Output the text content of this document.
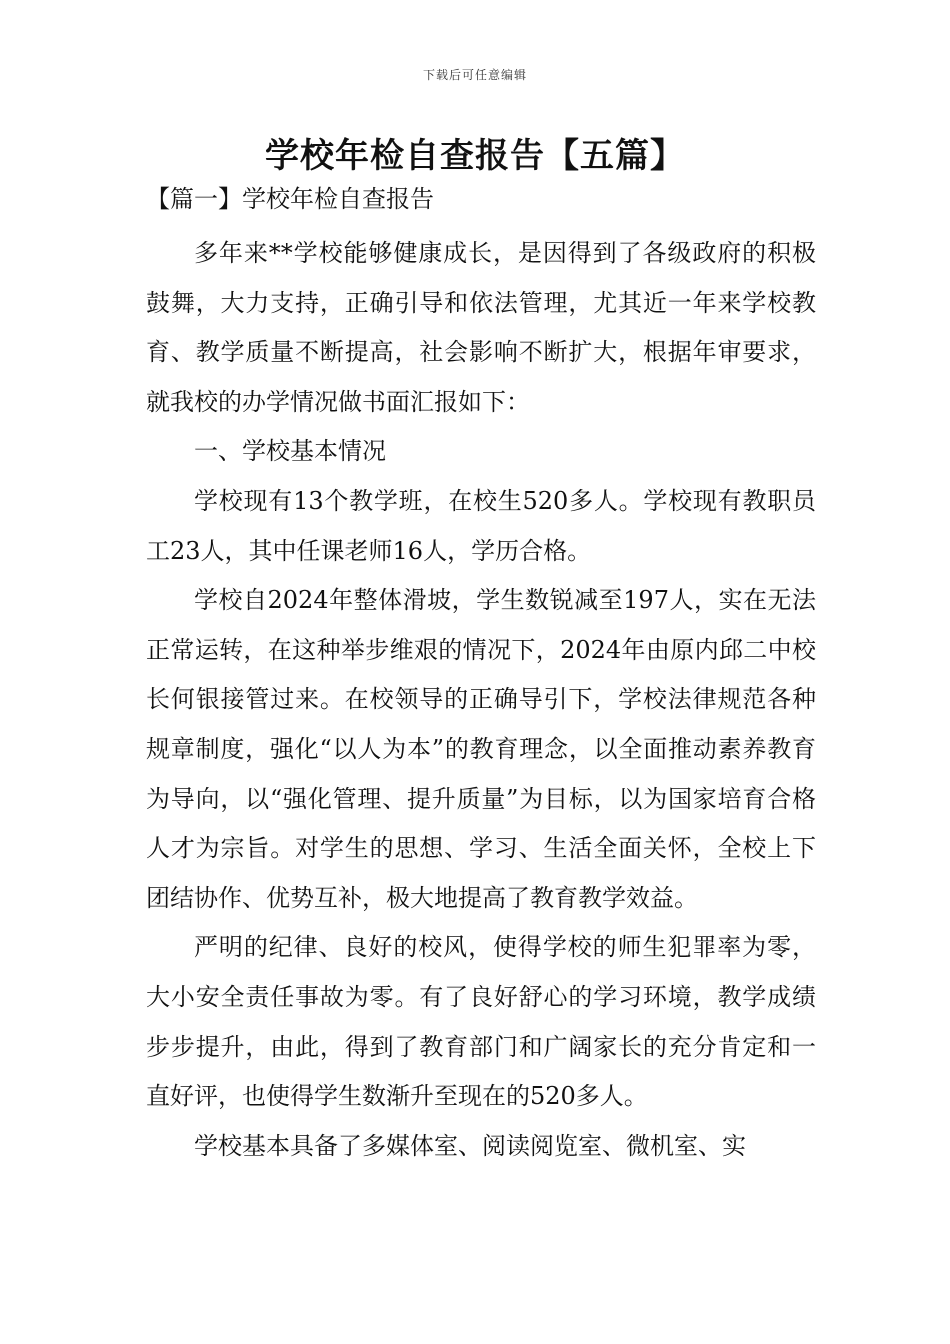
下载后可任意编辑
学校年检自查报告【五篇】
【篇一】学校年检自查报告

多年来**学校能够健康成长，是因得到了各级政府的积极鼓舞，大力支持，正确引导和依法管理，尤其近一年来学校教育、教学质量不断提高，社会影响不断扩大，根据年审要求，就我校的办学情况做书面汇报如下：

一、学校基本情况

学校现有13个教学班，在校生520多人。学校现有教职员工23人，其中任课老师16人，学历合格。

学校自2024年整体滑坡，学生数锐减至197人，实在无法正常运转，在这种举步维艰的情况下，2024年由原内邱二中校长何银接管过来。在校领导的正确导引下，学校法律规范各种规章制度，强化“以人为本”的教育理念，以全面推动素养教育为导向，以“强化管理、提升质量”为目标，以为国家培育合格人才为宗旨。对学生的思想、学习、生活全面关怀，全校上下团结协作、优势互补，极大地提高了教育教学效益。

严明的纪律、良好的校风，使得学校的师生犯罪率为零，大小安全责任事故为零。有了良好舒心的学习环境，教学成绩步步提升，由此，得到了教育部门和广阔家长的充分肯定和一直好评，也使得学生数渐升至现在的520多人。

学校基本具备了多媒体室、阅读阅览室、微机室、实
